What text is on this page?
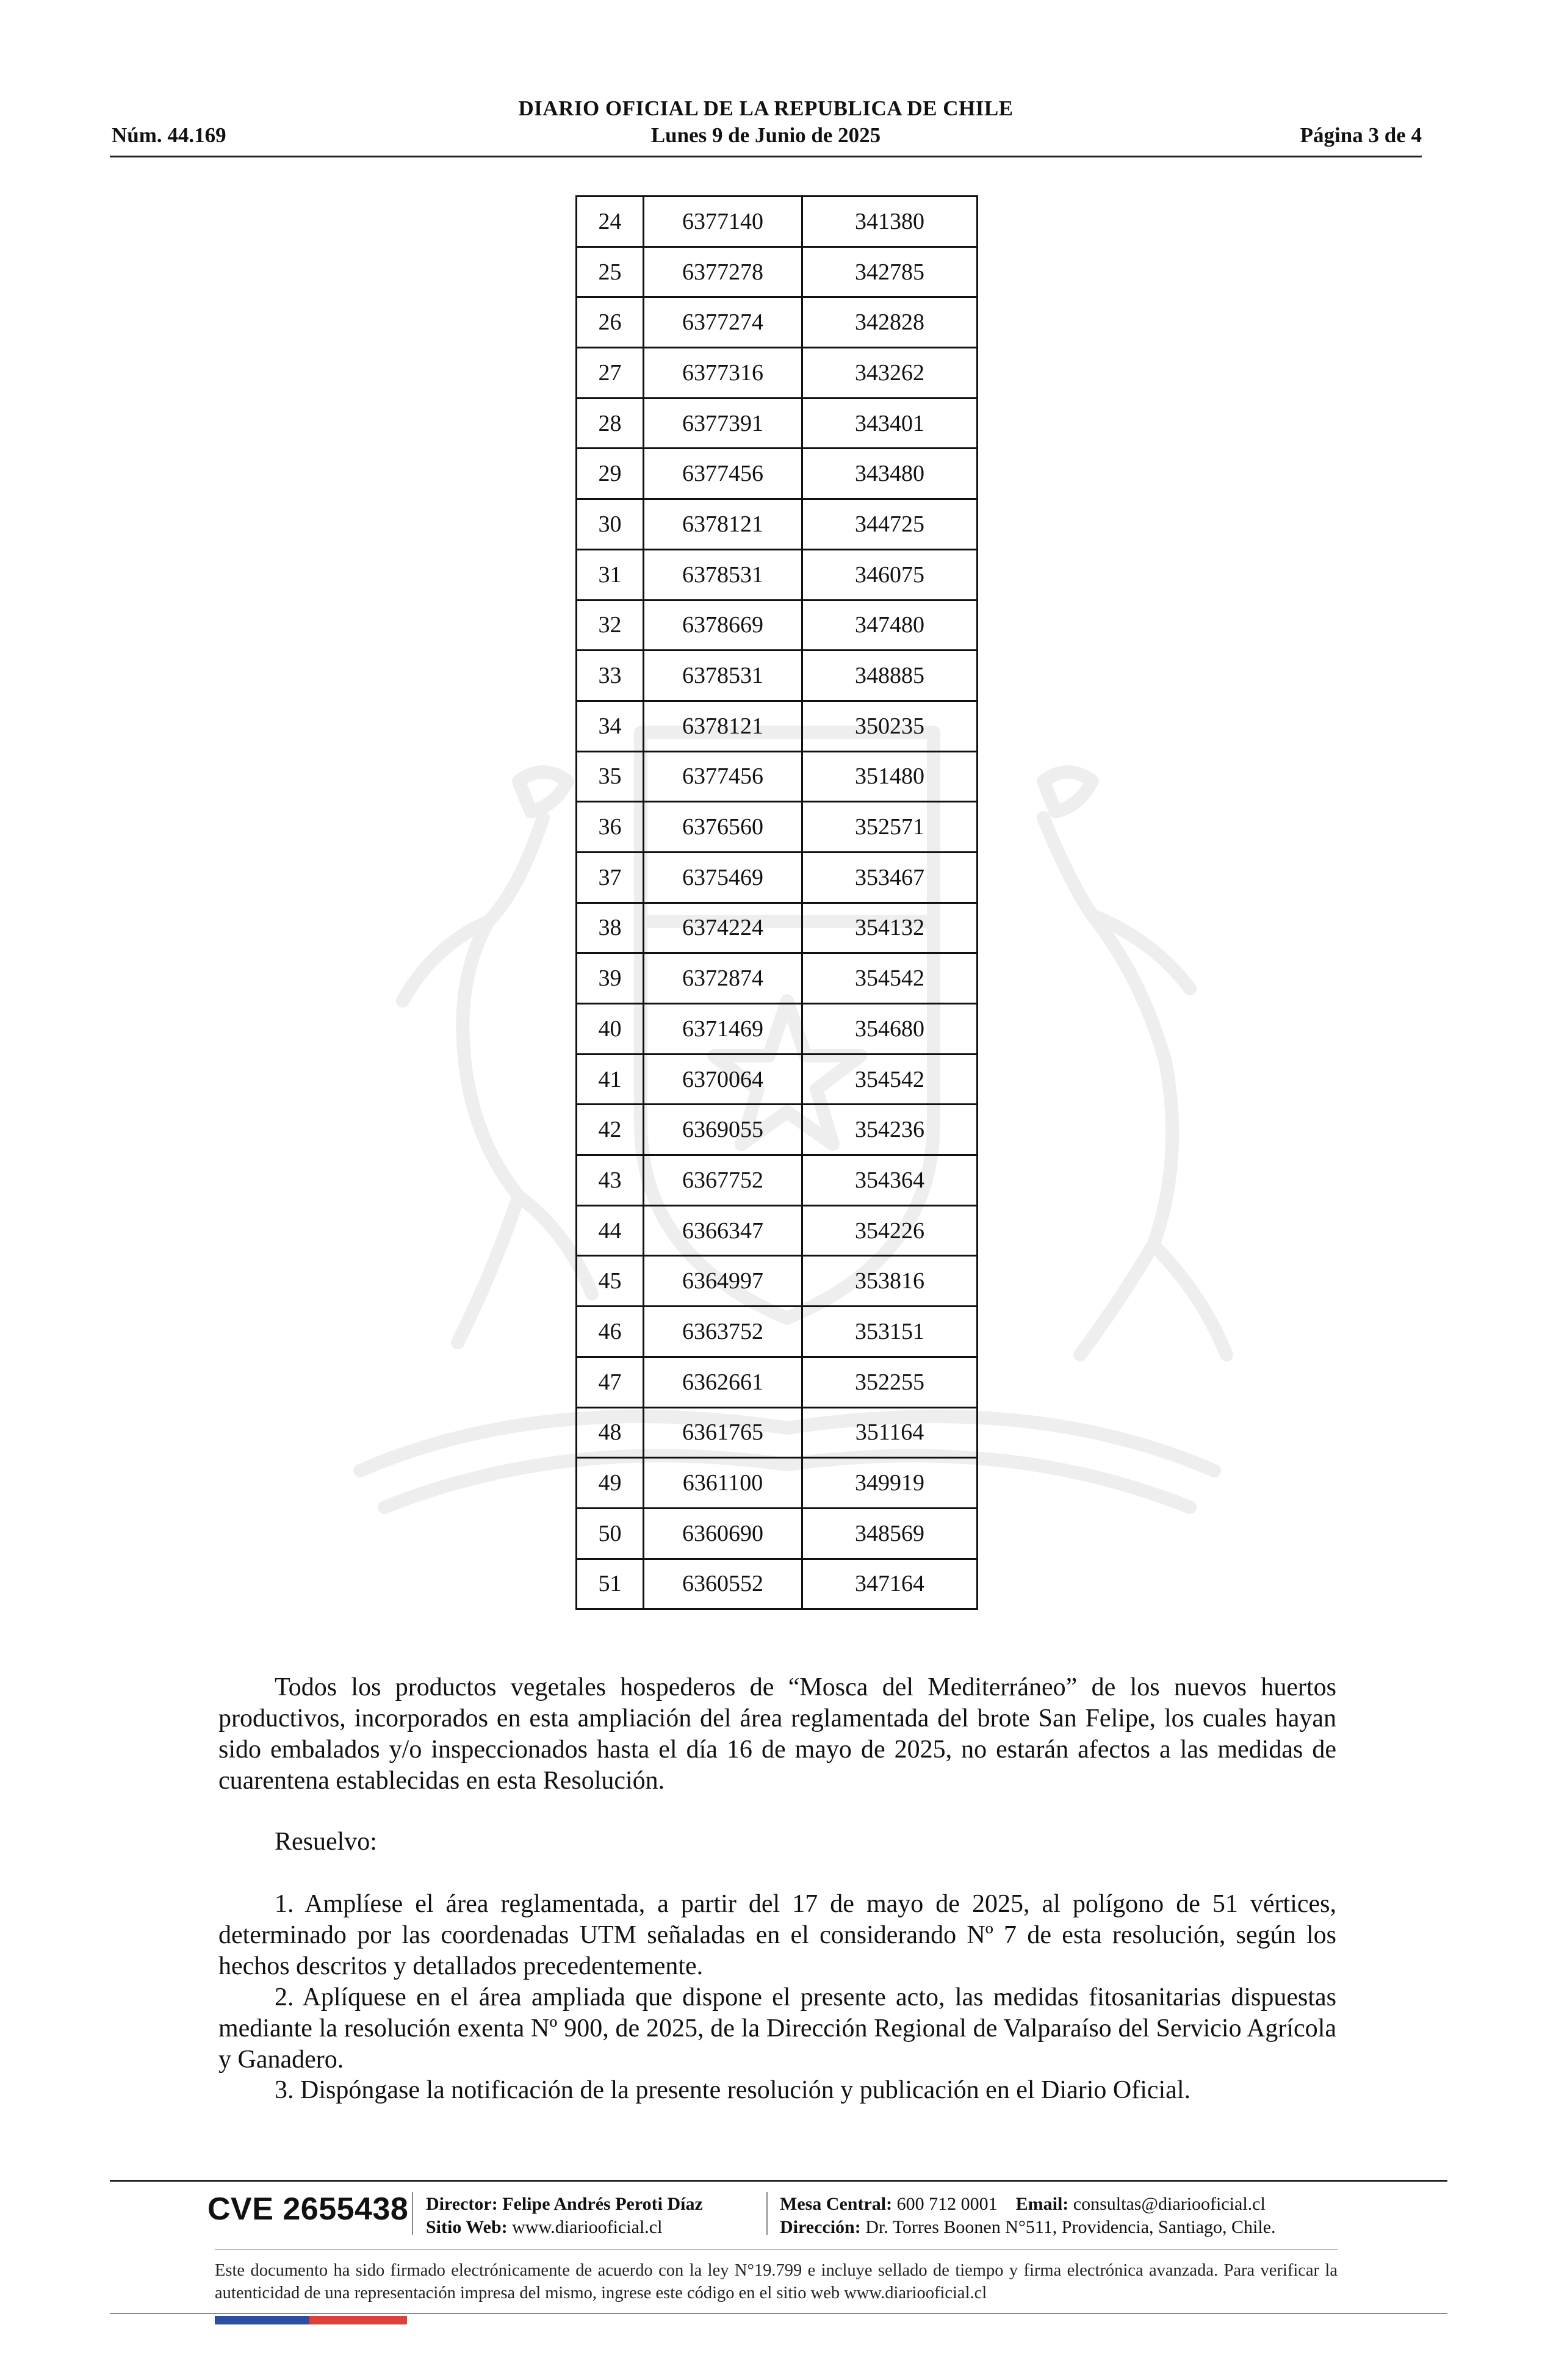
DIARIO OFICIAL DE LA REPUBLICA DE CHILE
Núm. 44.169	Lunes 9 de Junio de 2025	Página 3 de 4
24	6377140	341380
25	6377278	342785
26	6377274	342828
27	6377316	343262
28	6377391	343401
29	6377456	343480
30	6378121	344725
31	6378531	346075
32	6378669	347480
33	6378531	348885
34	6378121	350235
35	6377456	351480
36	6376560	352571
37	6375469	353467
38	6374224	354132
39	6372874	354542
40	6371469	354680
41	6370064	354542
42	6369055	354236
43	6367752	354364
44	6366347	354226
45	6364997	353816
46	6363752	353151
47	6362661	352255
48	6361765	351164
49	6361100	349919
50	6360690	348569
51	6360552	347164
Todos los productos vegetales hospederos de “Mosca del Mediterráneo” de los nuevos huertos productivos, incorporados en esta ampliación del área reglamentada del brote San Felipe, los cuales hayan sido embalados y/o inspeccionados hasta el día 16 de mayo de 2025, no estarán afectos a las medidas de cuarentena establecidas en esta Resolución.
Resuelvo:
1. Amplíese el área reglamentada, a partir del 17 de mayo de 2025, al polígono de 51 vértices, determinado por las coordenadas UTM señaladas en el considerando Nº 7 de esta resolución, según los hechos descritos y detallados precedentemente.
2. Aplíquese en el área ampliada que dispone el presente acto, las medidas fitosanitarias dispuestas mediante la resolución exenta Nº 900, de 2025, de la Dirección Regional de Valparaíso del Servicio Agrícola y Ganadero.
3. Dispóngase la notificación de la presente resolución y publicación en el Diario Oficial.
CVE 2655438 Director: Felipe Andrés Peroti Díaz
Sitio Web: www.diariooficial.cl
Mesa Central: 600 712 0001 Email: consultas@diariooficial.cl
Dirección: Dr. Torres Boonen N°511, Providencia, Santiago, Chile.
Este documento ha sido firmado electrónicamente de acuerdo con la ley N°19.799 e incluye sellado de tiempo y firma electrónica avanzada. Para verificar la autenticidad de una representación impresa del mismo, ingrese este código en el sitio web www.diariooficial.cl
